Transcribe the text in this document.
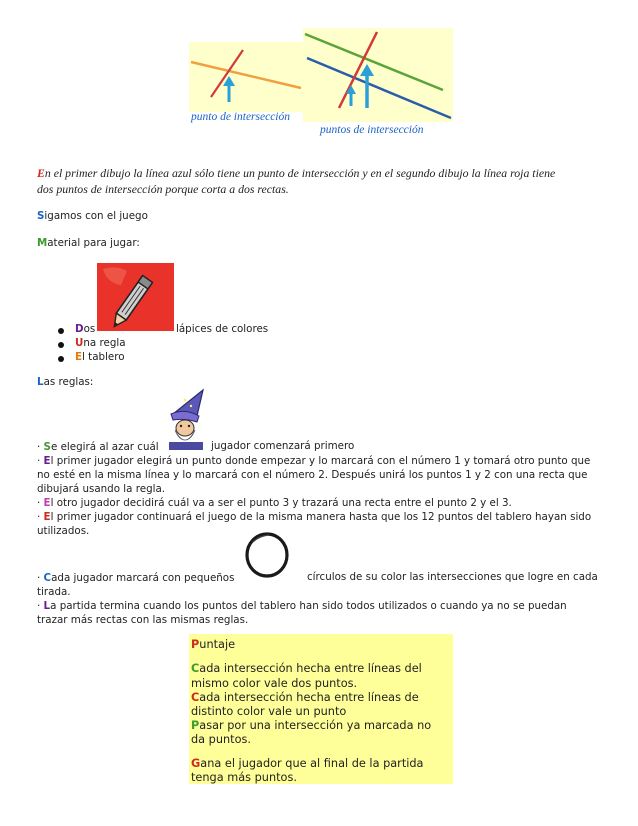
punto de intersección
puntos de intersección
En el primer dibujo la línea azul sólo tiene un punto de intersección y en el segundo dibujo la línea roja tiene
dos puntos de intersección porque corta a dos rectas.
Sigamos con el juego
Material para jugar:
Dos	lápices de colores
Una regla
El tablero
Las reglas:
· Se elegirá al azar cuál	jugador comenzará primero
· El primer jugador elegirá un punto donde empezar y lo marcará con el número 1 y tomará otro punto que
no esté en la misma línea y lo marcará con el número 2. Después unirá los puntos 1 y 2 con una recta que
dibujará usando la regla.
· El otro jugador decidirá cuál va a ser el punto 3 y trazará una recta entre el punto 2 y el 3.
· El primer jugador continuará el juego de la misma manera hasta que los 12 puntos del tablero hayan sido
utilizados.
· Cada jugador marcará con pequeños	círculos de su color las intersecciones que logre en cada
tirada.
· La partida termina cuando los puntos del tablero han sido todos utilizados o cuando ya no se puedan
trazar más rectas con las mismas reglas.

Puntaje

Cada intersección hecha entre líneas del

mismo color vale dos puntos.

Cada intersección hecha entre líneas de

distinto color vale un punto

Pasar por una intersección ya marcada no

da puntos.

Gana el jugador que al final de la partida

tenga más puntos.
